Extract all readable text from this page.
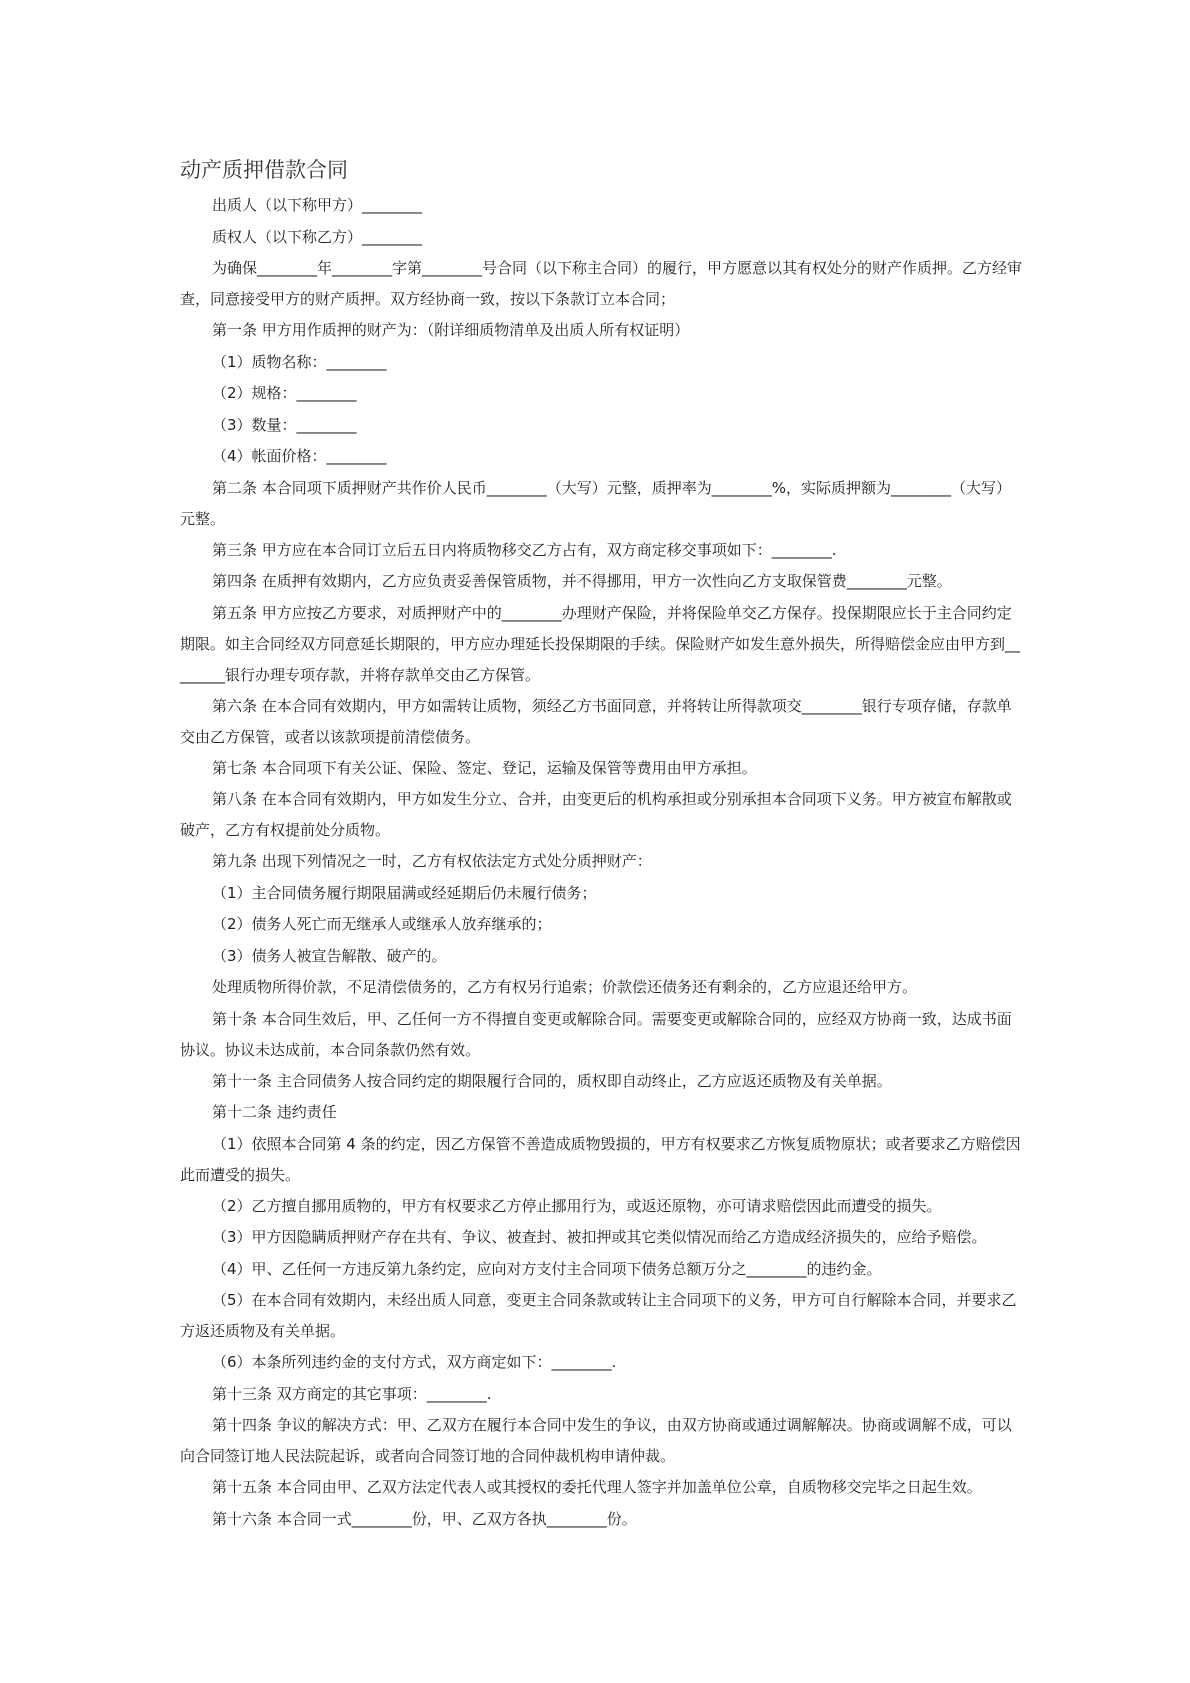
动产质押借款合同

出质人（以下称甲方）________

质权人（以下称乙方）________

为确保________年________字第________号合同（以下称主合同）的履行，甲方愿意以其有权处分的财产作质押。乙方经审查，同意接受甲方的财产质押。双方经协商一致，按以下条款订立本合同；

第一条 甲方用作质押的财产为：（附详细质物清单及出质人所有权证明）

（1）质物名称：________

（2）规格：________

（3）数量：________

（4）帐面价格：________

第二条 本合同项下质押财产共作价人民币________（大写）元整，质押率为________%，实际质押额为________（大写）元整。

第三条 甲方应在本合同订立后五日内将质物移交乙方占有，双方商定移交事项如下：________.

第四条 在质押有效期内，乙方应负责妥善保管质物，并不得挪用，甲方一次性向乙方支取保管费________元整。

第五条 甲方应按乙方要求，对质押财产中的________办理财产保险，并将保险单交乙方保存。投保期限应长于主合同约定期限。如主合同经双方同意延长期限的，甲方应办理延长投保期限的手续。保险财产如发生意外损失，所得赔偿金应由甲方到________银行办理专项存款，并将存款单交由乙方保管。

第六条 在本合同有效期内，甲方如需转让质物，须经乙方书面同意，并将转让所得款项交________银行专项存储，存款单交由乙方保管，或者以该款项提前清偿债务。

第七条 本合同项下有关公证、保险、签定、登记，运输及保管等费用由甲方承担。

第八条 在本合同有效期内，甲方如发生分立、合并，由变更后的机构承担或分别承担本合同项下义务。甲方被宣布解散或破产，乙方有权提前处分质物。

第九条 出现下列情况之一时，乙方有权依法定方式处分质押财产：

（1）主合同债务履行期限届满或经延期后仍未履行债务；

（2）债务人死亡而无继承人或继承人放弃继承的；

（3）债务人被宣告解散、破产的。

处理质物所得价款，不足清偿债务的，乙方有权另行追索；价款偿还债务还有剩余的，乙方应退还给甲方。

第十条 本合同生效后，甲、乙任何一方不得擅自变更或解除合同。需要变更或解除合同的，应经双方协商一致，达成书面协议。协议未达成前，本合同条款仍然有效。

第十一条 主合同债务人按合同约定的期限履行合同的，质权即自动终止，乙方应返还质物及有关单据。

第十二条 违约责任

（1）依照本合同第 4 条的约定，因乙方保管不善造成质物毁损的，甲方有权要求乙方恢复质物原状；或者要求乙方赔偿因此而遭受的损失。

（2）乙方擅自挪用质物的，甲方有权要求乙方停止挪用行为，或返还原物，亦可请求赔偿因此而遭受的损失。

（3）甲方因隐瞒质押财产存在共有、争议、被查封、被扣押或其它类似情况而给乙方造成经济损失的，应给予赔偿。

（4）甲、乙任何一方违反第九条约定，应向对方支付主合同项下债务总额万分之________的违约金。

（5）在本合同有效期内，未经出质人同意，变更主合同条款或转让主合同项下的义务，甲方可自行解除本合同，并要求乙方返还质物及有关单据。

（6）本条所列违约金的支付方式，双方商定如下：________.

第十三条 双方商定的其它事项：________.

第十四条 争议的解决方式：甲、乙双方在履行本合同中发生的争议，由双方协商或通过调解解决。协商或调解不成，可以向合同签订地人民法院起诉，或者向合同签订地的合同仲裁机构申请仲裁。

第十五条 本合同由甲、乙双方法定代表人或其授权的委托代理人签字并加盖单位公章，自质物移交完毕之日起生效。

第十六条 本合同一式________份，甲、乙双方各执________份。
